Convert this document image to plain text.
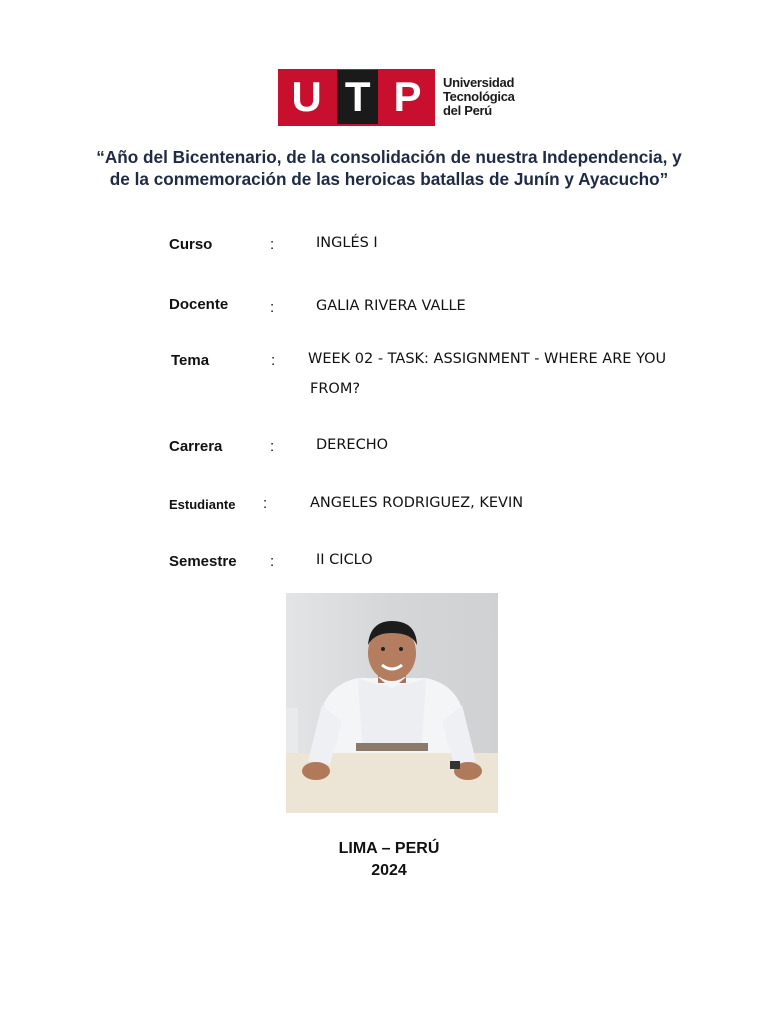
U T P Universidad
Tecnológica
del Perú
“Año del Bicentenario, de la consolidación de nuestra Independencia, y
de la conmemoración de las heroicas batallas de Junín y Ayacucho”
Curso	:	INGLÉS I
Docente	:	GALIA RIVERA VALLE
Tema	: WEEK 02 - TASK: ASSIGNMENT - WHERE ARE YOU
FROM?
Carrera	:	DERECHO
Estudiante :	ANGELES RODRIGUEZ, KEVIN
Semestre :	II CICLO
LIMA – PERÚ
2024
